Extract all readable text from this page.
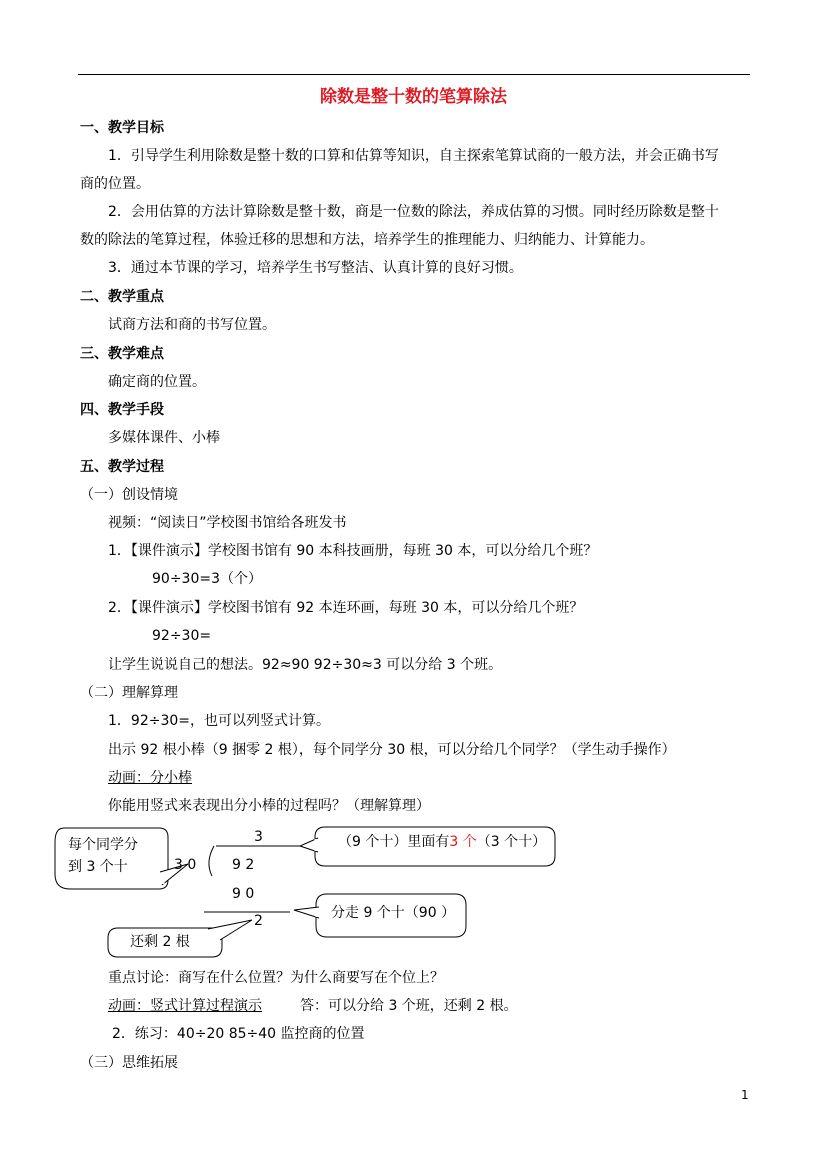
除数是整十数的笔算除法
一、教学目标
1．引导学生利用除数是整十数的口算和估算等知识，自主探索笔算试商的一般方法，并会正确书写
商的位置。
2．会用估算的方法计算除数是整十数，商是一位数的除法，养成估算的习惯。同时经历除数是整十
数的除法的笔算过程，体验迁移的思想和方法，培养学生的推理能力、归纳能力、计算能力。
3．通过本节课的学习，培养学生书写整洁、认真计算的良好习惯。
二、教学重点
试商方法和商的书写位置。
三、教学难点
确定商的位置。
四、教学手段
多媒体课件、小棒
五、教学过程
（一）创设情境
视频：“阅读日”学校图书馆给各班发书
1．【课件演示】学校图书馆有 90 本科技画册，每班 30 本，可以分给几个班？
90÷30=3（个）
2．【课件演示】学校图书馆有 92 本连环画，每班 30 本，可以分给几个班？
92÷30=
让学生说说自己的想法。92≈90 92÷30≈3 可以分给 3 个班。
（二）理解算理
1．92÷30=，也可以列竖式计算。
出示 92 根小棒（9 捆零 2 根），每个同学分 30 根，可以分给几个同学？（学生动手操作）
动画：分小棒
你能用竖式来表现出分小棒的过程吗？（理解算理）
每个同学分
到 3 个十
（9 个十）里面有3 个（3 个十）
分走 9 个十（90 ）
还剩 2 根
3
3 0	9 2
9 0
2
重点讨论：商写在什么位置？为什么商要写在个位上？
动画：竖式计算过程演示	答：可以分给 3 个班，还剩 2 根。
2．练习：40÷20 85÷40 监控商的位置
（三）思维拓展
1
